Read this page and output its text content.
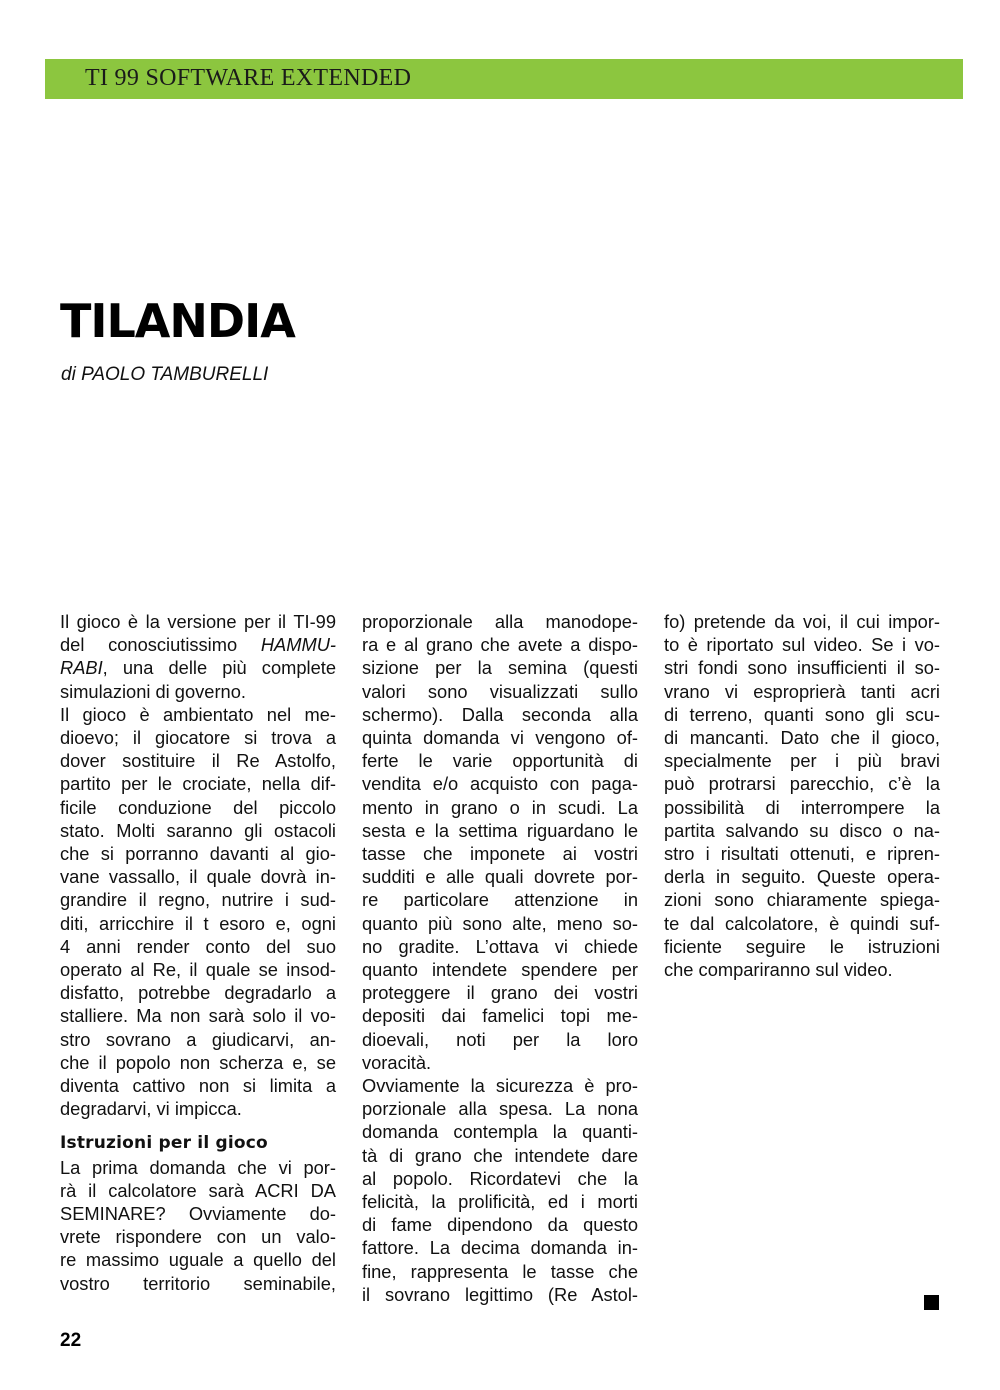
TI 99 SOFTWARE EXTENDED
TILANDIA
di PAOLO TAMBURELLI
Il gioco è la versione per il TI-99
del conosciutissimo HAMMU-
RABI, una delle più complete
simulazioni di governo.
Il gioco è ambientato nel me-
dioevo; il giocatore si trova a
dover sostituire il Re Astolfo,
partito per le crociate, nella dif-
ficile conduzione del piccolo
stato. Molti saranno gli ostacoli
che si porranno davanti al gio-
vane vassallo, il quale dovrà in-
grandire il regno, nutrire i sud-
diti, arricchire il t esoro e, ogni
4 anni render conto del suo
operato al Re, il quale se insod-
disfatto, potrebbe degradarlo a
stalliere. Ma non sarà solo il vo-
stro sovrano a giudicarvi, an-
che il popolo non scherza e, se
diventa cattivo non si limita a
degradarvi, vi impicca.
Istruzioni per il gioco
La prima domanda che vi por-
rà il calcolatore sarà ACRI DA
SEMINARE? Ovviamente do-
vrete rispondere con un valo-
re massimo uguale a quello del
vostro territorio seminabile,
proporzionale alla manodope-
ra e al grano che avete a dispo-
sizione per la semina (questi
valori sono visualizzati sullo
schermo). Dalla seconda alla
quinta domanda vi vengono of-
ferte le varie opportunità di
vendita e/o acquisto con paga-
mento in grano o in scudi. La
sesta e la settima riguardano le
tasse che imponete ai vostri
sudditi e alle quali dovrete por-
re particolare attenzione in
quanto più sono alte, meno so-
no gradite. L’ottava vi chiede
quanto intendete spendere per
proteggere il grano dei vostri
depositi dai famelici topi me-
dioevali, noti per la loro
voracità.
Ovviamente la sicurezza è pro-
porzionale alla spesa. La nona
domanda contempla la quanti-
tà di grano che intendete dare
al popolo. Ricordatevi che la
felicità, la prolificità, ed i morti
di fame dipendono da questo
fattore. La decima domanda in-
fine, rappresenta le tasse che
il sovrano legittimo (Re Astol-
fo) pretende da voi, il cui impor-
to è riportato sul video. Se i vo-
stri fondi sono insufficienti il so-
vrano vi esproprierà tanti acri
di terreno, quanti sono gli scu-
di mancanti. Dato che il gioco,
specialmente per i più bravi
può protrarsi parecchio, c’è la
possibilità di interrompere la
partita salvando su disco o na-
stro i risultati ottenuti, e ripren-
derla in seguito. Queste opera-
zioni sono chiaramente spiega-
te dal calcolatore, è quindi suf-
ficiente seguire le istruzioni
che compariranno sul video.
22
